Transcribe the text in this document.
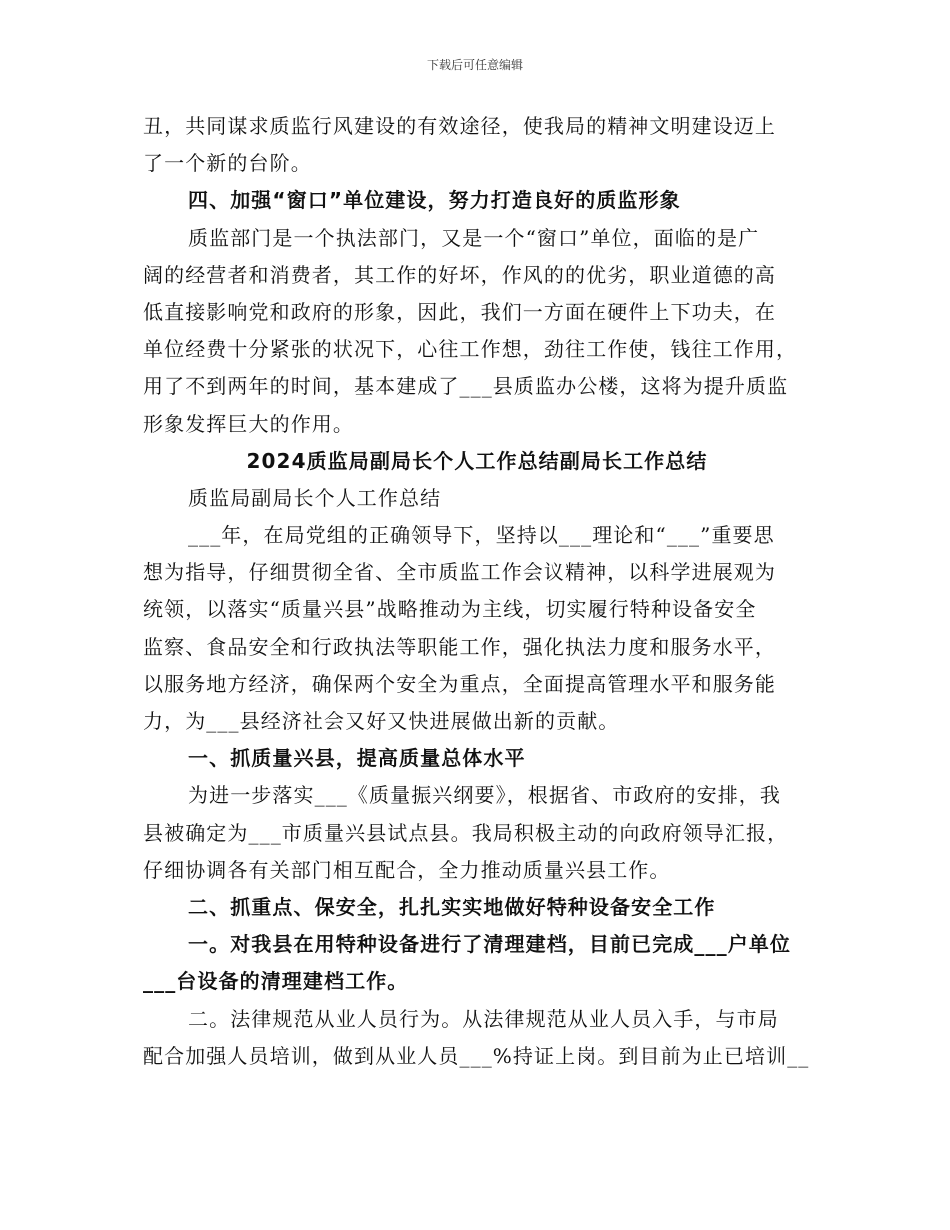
下载后可任意编辑
丑，共同谋求质监行风建设的有效途径，使我局的精神文明建设迈上
了一个新的台阶。
四、加强“窗口”单位建设，努力打造良好的质监形象
质监部门是一个执法部门，又是一个“窗口”单位，面临的是广
阔的经营者和消费者，其工作的好坏，作风的的优劣，职业道德的高
低直接影响党和政府的形象，因此，我们一方面在硬件上下功夫，在
单位经费十分紧张的状况下，心往工作想，劲往工作使，钱往工作用，
用了不到两年的时间，基本建成了___县质监办公楼，这将为提升质监
形象发挥巨大的作用。
2024质监局副局长个人工作总结副局长工作总结
质监局副局长个人工作总结
___年，在局党组的正确领导下，坚持以___理论和“___”重要思
想为指导，仔细贯彻全省、全市质监工作会议精神，以科学进展观为
统领，以落实“质量兴县”战略推动为主线，切实履行特种设备安全
监察、食品安全和行政执法等职能工作，强化执法力度和服务水平，
以服务地方经济，确保两个安全为重点，全面提高管理水平和服务能
力，为___县经济社会又好又快进展做出新的贡献。
一、抓质量兴县，提高质量总体水平
为进一步落实___《质量振兴纲要》，根据省、市政府的安排，我
县被确定为___市质量兴县试点县。我局积极主动的向政府领导汇报，
仔细协调各有关部门相互配合，全力推动质量兴县工作。
二、抓重点、保安全，扎扎实实地做好特种设备安全工作
一。对我县在用特种设备进行了清理建档，目前已完成___户单位
___台设备的清理建档工作。
二。法律规范从业人员行为。从法律规范从业人员入手，与市局
配合加强人员培训，做到从业人员___%持证上岗。到目前为止已培训__
